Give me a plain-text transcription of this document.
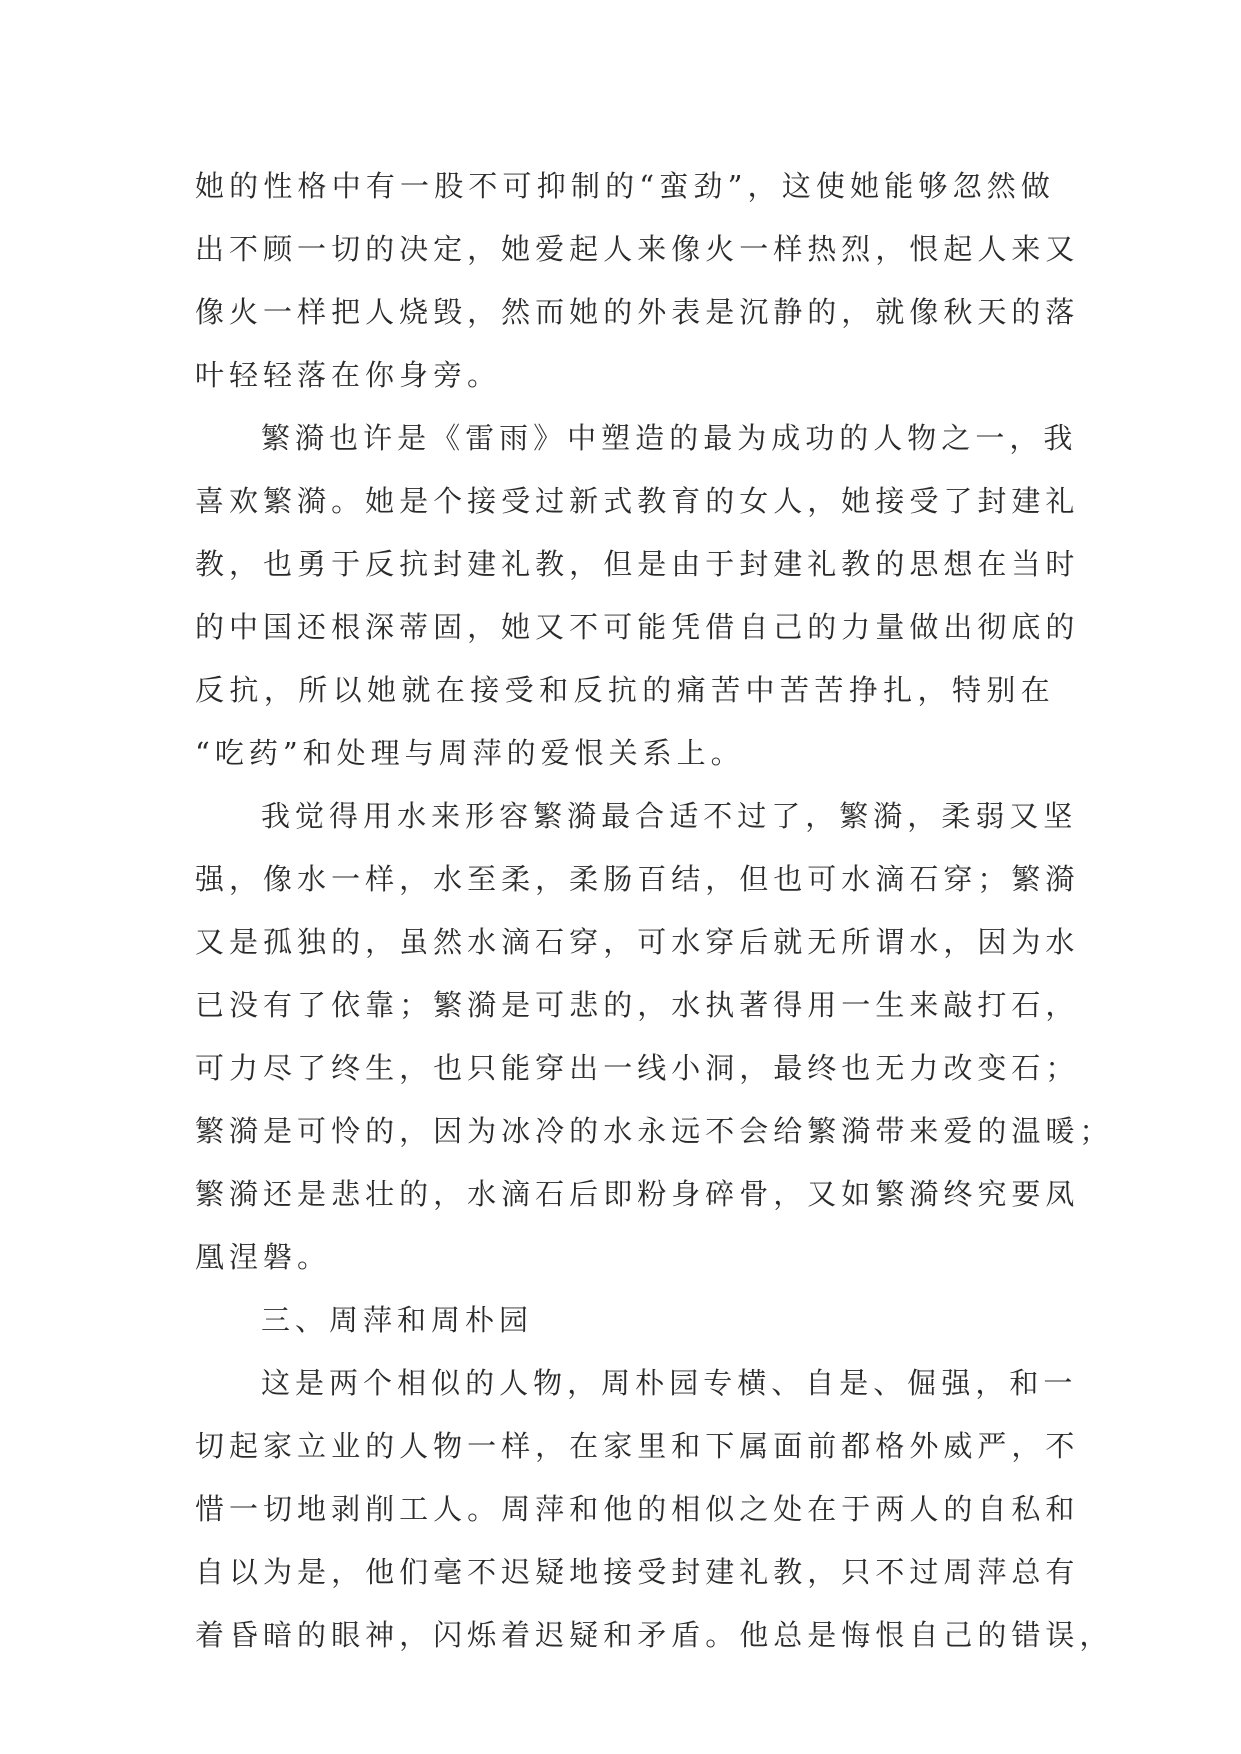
她 的 性 格 中 有 一 股 不 可 抑 制 的 “ 蛮 劲 ” ， 这 使 她 能 够 忽 然 做
出 不 顾 一 切 的 决 定 ， 她 爱 起 人 来 像 火 一 样 热 烈 ， 恨 起 人 来 又
像 火 一 样 把 人 烧 毁 ， 然 而 她 的 外 表 是 沉 静 的 ， 就 像 秋 天 的 落
叶轻轻落在你身旁。
繁 漪 也 许 是 《 雷 雨 》 中 塑 造 的 最 为 成 功 的 人 物 之 一 ， 我
喜 欢 繁 漪 。 她 是 个 接 受 过 新 式 教 育 的 女 人 ， 她 接 受 了 封 建 礼
教 ， 也 勇 于 反 抗 封 建 礼 教 ， 但 是 由 于 封 建 礼 教 的 思 想 在 当 时
的 中 国 还 根 深 蒂 固 ， 她 又 不 可 能 凭 借 自 己 的 力 量 做 出 彻 底 的
反 抗 ， 所 以 她 就 在 接 受 和 反 抗 的 痛 苦 中 苦 苦 挣 扎 ， 特 别 在
“吃药”和处理与周萍的爱恨关系上。
我 觉 得 用 水 来 形 容 繁 漪 最 合 适 不 过 了 ， 繁 漪 ， 柔 弱 又 坚
强 ， 像 水 一 样 ， 水 至 柔 ， 柔 肠 百 结 ， 但 也 可 水 滴 石 穿 ； 繁 漪
又 是 孤 独 的 ， 虽 然 水 滴 石 穿 ， 可 水 穿 后 就 无 所 谓 水 ， 因 为 水
已 没 有 了 依 靠 ； 繁 漪 是 可 悲 的 ， 水 执 著 得 用 一 生 来 敲 打 石 ，
可 力 尽 了 终 生 ， 也 只 能 穿 出 一 线 小 洞 ， 最 终 也 无 力 改 变 石 ；
繁 漪 是 可 怜 的 ， 因 为 冰 冷 的 水 永 远 不 会 给 繁 漪 带 来 爱 的 温 暖 ；
繁 漪 还 是 悲 壮 的 ， 水 滴 石 后 即 粉 身 碎 骨 ， 又 如 繁 漪 终 究 要 凤
凰涅磐。
三、周萍和周朴园
这 是 两 个 相 似 的 人 物 ， 周 朴 园 专 横 、 自 是 、 倔 强 ， 和 一
切 起 家 立 业 的 人 物 一 样 ， 在 家 里 和 下 属 面 前 都 格 外 威 严 ， 不
惜 一 切 地 剥 削 工 人 。 周 萍 和 他 的 相 似 之 处 在 于 两 人 的 自 私 和
自 以 为 是 ， 他 们 毫 不 迟 疑 地 接 受 封 建 礼 教 ， 只 不 过 周 萍 总 有
着 昏 暗 的 眼 神 ， 闪 烁 着 迟 疑 和 矛 盾 。 他 总 是 悔 恨 自 己 的 错 误 ，
